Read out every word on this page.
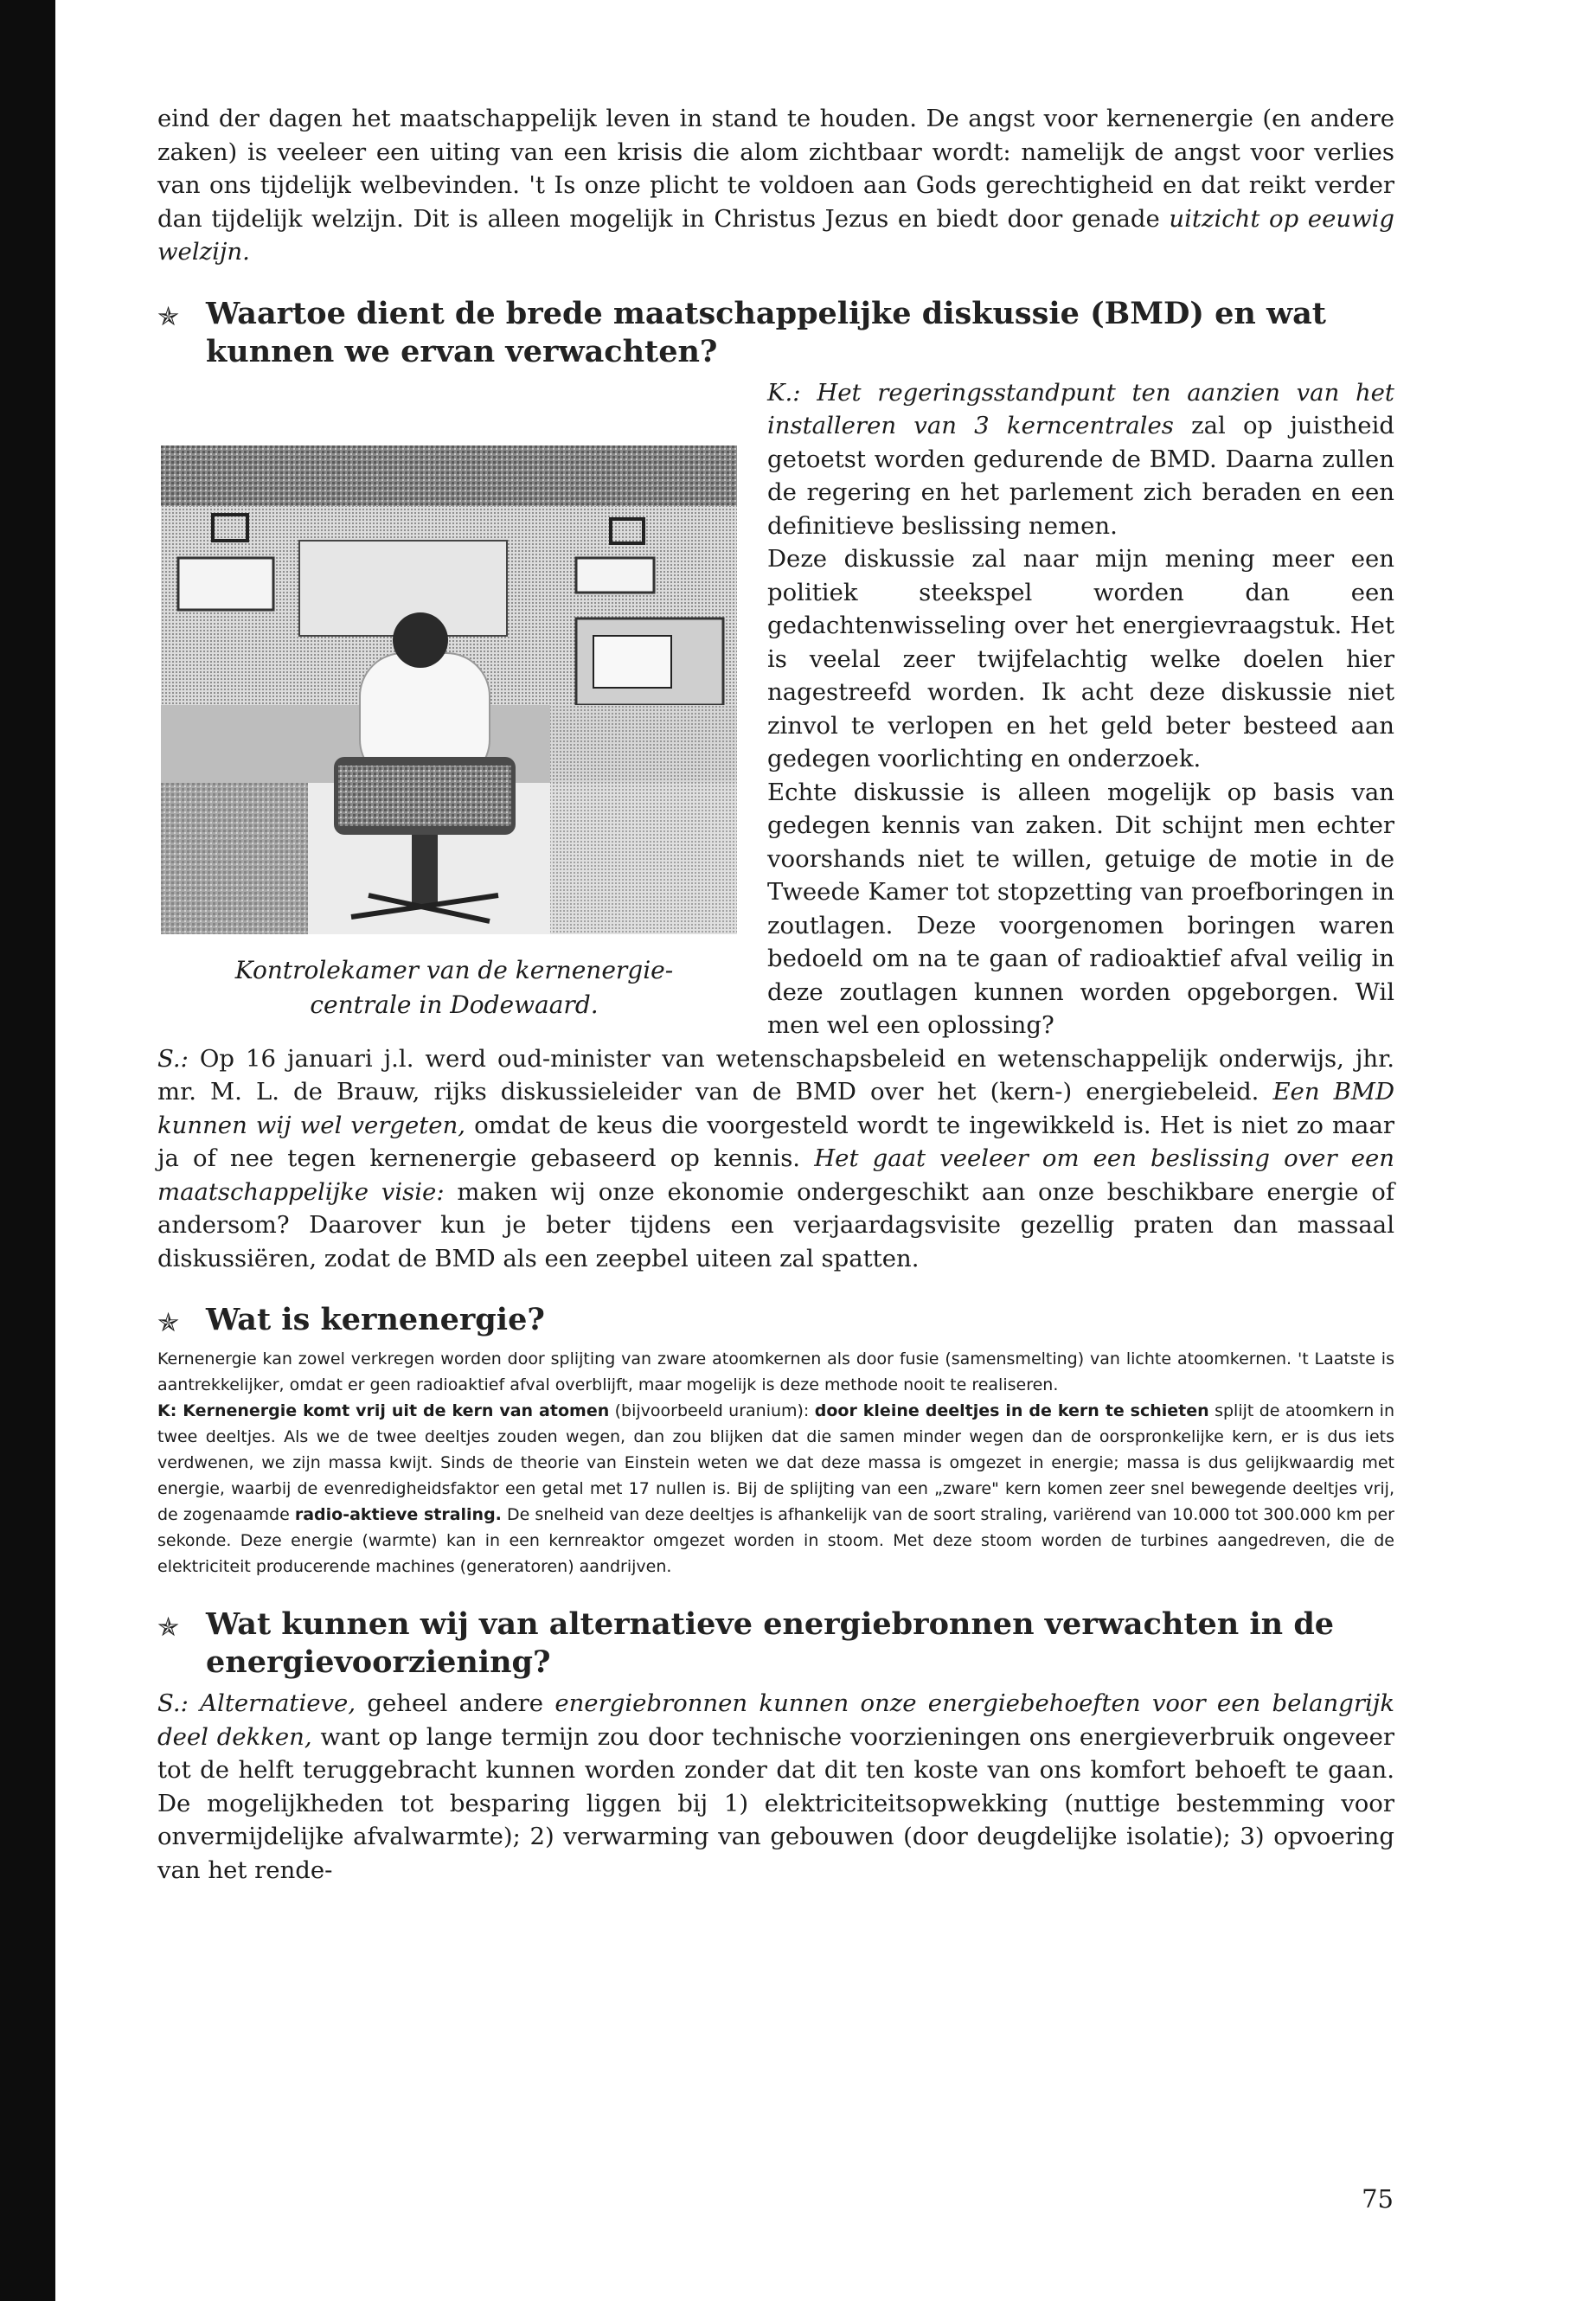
eind der dagen het maatschappelijk leven in stand te houden. De angst voor kernenergie (en andere zaken) is veeleer een uiting van een krisis die alom zichtbaar wordt: namelijk de angst voor verlies van ons tijdelijk welbevinden. 't Is onze plicht te voldoen aan Gods gerechtigheid en dat reikt verder dan tijdelijk welzijn. Dit is alleen mogelijk in Christus Jezus en biedt door genade uitzicht op eeuwig welzijn.

✯ Waartoe dient de brede maatschappelijke diskussie (BMD) en wat kunnen we ervan verwachten?
Kontrolekamer van de kernenergie-
centrale in Dodewaard.

K.: Het regeringsstandpunt ten aanzien van het installeren van 3 kerncentrales zal op juistheid getoetst worden gedurende de BMD. Daarna zullen de regering en het parlement zich beraden en een definitieve beslissing nemen.

Deze diskussie zal naar mijn mening meer een politiek steekspel worden dan een gedachtenwisseling over het energievraagstuk. Het is veelal zeer twijfelachtig welke doelen hier nagestreefd worden. Ik acht deze diskussie niet zinvol te verlopen en het geld beter besteed aan gedegen voorlichting en onderzoek.

Echte diskussie is alleen mogelijk op basis van gedegen kennis van zaken. Dit schijnt men echter voorshands niet te willen, getuige de motie in de Tweede Kamer tot stopzetting van proefboringen in zoutlagen. Deze voorgenomen boringen waren bedoeld om na te gaan of radioaktief afval veilig in deze zoutlagen kunnen worden opgeborgen. Wil men wel een oplossing?

S.: Op 16 januari j.l. werd oud-minister van wetenschapsbeleid en wetenschappelijk onderwijs, jhr. mr. M. L. de Brauw, rijks diskussieleider van de BMD over het (kern-) energiebeleid. Een BMD kunnen wij wel vergeten, omdat de keus die voorgesteld wordt te ingewikkeld is. Het is niet zo maar ja of nee tegen kernenergie gebaseerd op kennis. Het gaat veeleer om een beslissing over een maatschappelijke visie: maken wij onze ekonomie ondergeschikt aan onze beschikbare energie of andersom? Daarover kun je beter tijdens een verjaardagsvisite gezellig praten dan massaal diskussiëren, zodat de BMD als een zeepbel uiteen zal spatten.

✯ Wat is kernenergie?

Kernenergie kan zowel verkregen worden door splijting van zware atoomkernen als door fusie (samensmelting) van lichte atoomkernen. 't Laatste is aantrekkelijker, omdat er geen radioaktief afval overblijft, maar mogelijk is deze methode nooit te realiseren.

K: Kernenergie komt vrij uit de kern van atomen (bijvoorbeeld uranium): door kleine deeltjes in de kern te schieten splijt de atoomkern in twee deeltjes. Als we de twee deeltjes zouden wegen, dan zou blijken dat die samen minder wegen dan de oorspronkelijke kern, er is dus iets verdwenen, we zijn massa kwijt. Sinds de theorie van Einstein weten we dat deze massa is omgezet in energie; massa is dus gelijkwaardig met energie, waarbij de evenredigheidsfaktor een getal met 17 nullen is. Bij de splijting van een „zware" kern komen zeer snel bewegende deeltjes vrij, de zogenaamde radio-aktieve straling. De snelheid van deze deeltjes is afhankelijk van de soort straling, variërend van 10.000 tot 300.000 km per sekonde. Deze energie (warmte) kan in een kernreaktor omgezet worden in stoom. Met deze stoom worden de turbines aangedreven, die de elektriciteit producerende machines (generatoren) aandrijven.

✯ Wat kunnen wij van alternatieve energiebronnen verwachten in de energievoorziening?

S.: Alternatieve, geheel andere energiebronnen kunnen onze energiebehoeften voor een belangrijk deel dekken, want op lange termijn zou door technische voorzieningen ons energieverbruik ongeveer tot de helft teruggebracht kunnen worden zonder dat dit ten koste van ons komfort behoeft te gaan. De mogelijkheden tot besparing liggen bij 1) elektriciteitsopwekking (nuttige bestemming voor onvermijdelijke afvalwarmte); 2) verwarming van gebouwen (door deugdelijke isolatie); 3) opvoering van het rende-

75
